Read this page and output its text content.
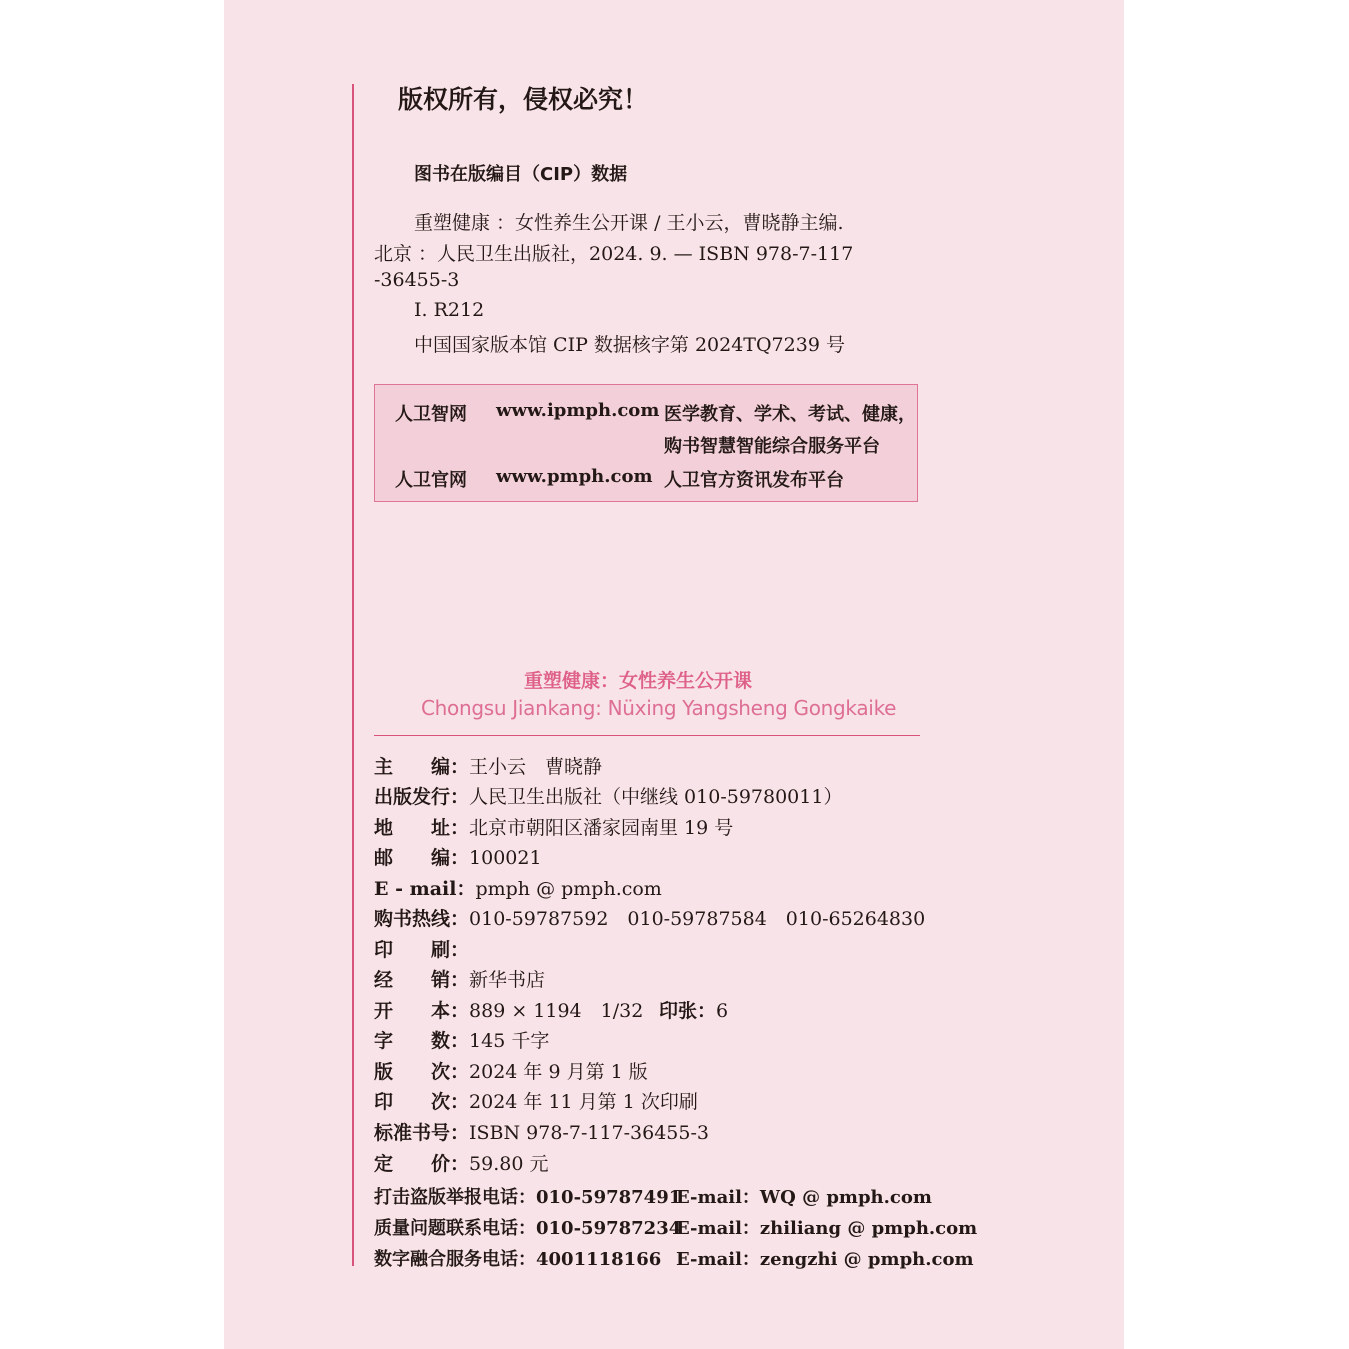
版权所有，侵权必究！
图书在版编目（CIP）数据
重塑健康 ：女性养生公开课 / 王小云，曹晓静主编.
北京 ：人民卫生出版社，2024. 9. — ISBN 978-7-117
-36455-3
Ⅰ. R212
中国国家版本馆 CIP 数据核字第 2024TQ7239 号
人卫智网 www.ipmph.com 医学教育、学术、考试、健康，
购书智慧智能综合服务平台
人卫官网 www.pmph.com 人卫官方资讯发布平台
重塑健康：女性养生公开课
Chongsu Jiankang: Nüxing Yangsheng Gongkaike
主　　编：王小云　曹晓静
出版发行：人民卫生出版社（中继线 010-59780011）
地　　址：北京市朝阳区潘家园南里 19 号
邮　　编：100021
E - mail：pmph @ pmph.com
购书热线：010-59787592　010-59787584　010-65264830
印　　刷：
经　　销：新华书店
开　　本：889 × 1194　1/32 印张：6
字　　数：145 千字
版　　次：2024 年 9 月第 1 版
印　　次：2024 年 11 月第 1 次印刷
标准书号：ISBN 978-7-117-36455-3
定　　价：59.80 元
打击盗版举报电话：010-59787491
E-mail：WQ @ pmph.com
质量问题联系电话：010-59787234
E-mail：zhiliang @ pmph.com
数字融合服务电话：4001118166 E-mail：zengzhi @ pmph.com
